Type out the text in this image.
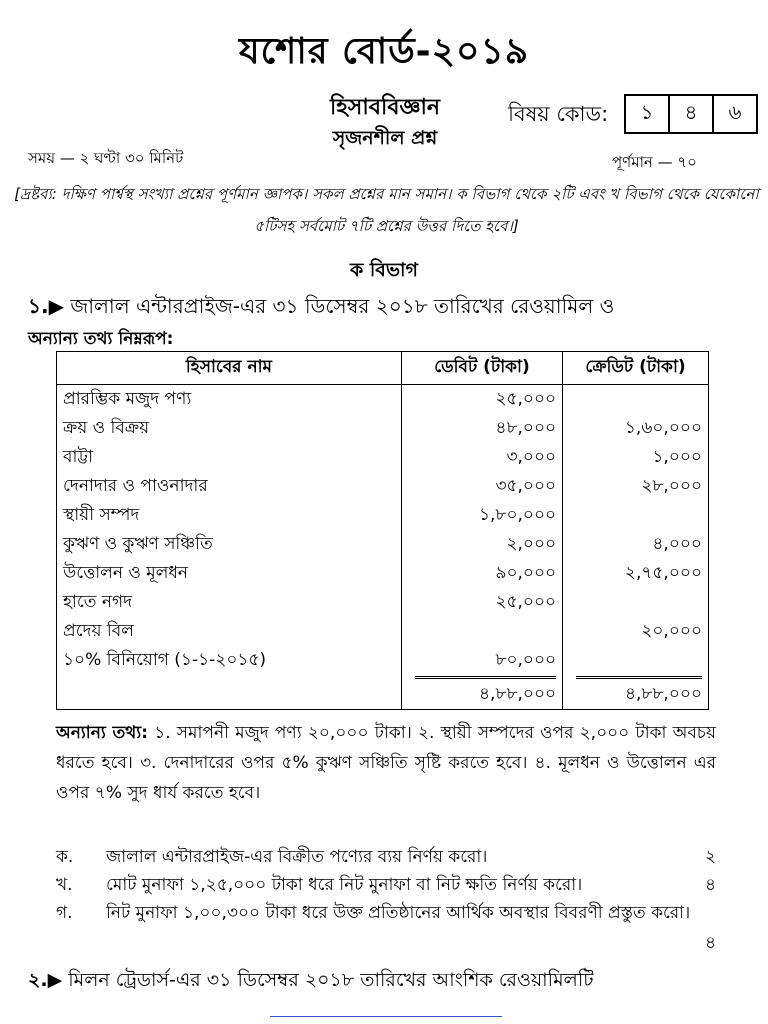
যশোর বোর্ড-২০১৯
হিসাববিজ্ঞান
সৃজনশীল প্রশ্ন
বিষয় কোড:	১	৪	৬
সময় — ২ ঘণ্টা ৩০ মিনিট	পূর্ণমান — ৭০
[দ্রষ্টব্য: দক্ষিণ পার্শ্বস্থ সংখ্যা প্রশ্নের পূর্ণমান জ্ঞাপক। সকল প্রশ্নের মান সমান। ক বিভাগ থেকে ২টি এবং খ বিভাগ থেকে যেকোনো ৫টিসহ সর্বমোট ৭টি প্রশ্নের উত্তর দিতে হবে।]
ক বিভাগ
১.▶ জালাল এন্টারপ্রাইজ-এর ৩১ ডিসেম্বর ২০১৮ তারিখের রেওয়ামিল ও
অন্যান্য তথ্য নিম্নরূপ:
হিসাবের নাম	ডেবিট (টাকা)	ক্রেডিট (টাকা)
প্রারম্ভিক মজুদ পণ্য	২৫,০০০	
ক্রয় ও বিক্রয়	৪৮,০০০	১,৬০,০০০
বাট্টা	৩,০০০	১,০০০
দেনাদার ও পাওনাদার	৩৫,০০০	২৮,০০০
স্থায়ী সম্পদ	১,৮০,০০০	
কুঋণ ও কুঋণ সঞ্চিতি	২,০০০	৪,০০০
উত্তোলন ও মূলধন	৯০,০০০	২,৭৫,০০০
হাতে নগদ	২৫,০০০	
প্রদেয় বিল		২০,০০০
১০% বিনিয়োগ (১-১-২০১৫)	৮০,০০০	
	৪,৮৮,০০০	৪,৮৮,০০০
অন্যান্য তথ্য: ১. সমাপনী মজুদ পণ্য ২০,০০০ টাকা। ২. স্থায়ী সম্পদের ওপর ২,০০০ টাকা অবচয় ধরতে হবে। ৩. দেনাদারের ওপর ৫% কুঋণ সঞ্চিতি সৃষ্টি করতে হবে। ৪. মূলধন ও উত্তোলন এর ওপর ৭% সুদ ধার্য করতে হবে।
ক. জালাল এন্টারপ্রাইজ-এর বিক্রীত পণ্যের ব্যয় নির্ণয় করো।	২
খ. মোট মুনাফা ১,২৫,০০০ টাকা ধরে নিট মুনাফা বা নিট ক্ষতি নির্ণয় করো।	৪
গ. নিট মুনাফা ১,০০,৩০০ টাকা ধরে উক্ত প্রতিষ্ঠানের আর্থিক অবস্থার বিবরণী প্রস্তুত করো।
৪
২.▶ মিলন ট্রেডার্স-এর ৩১ ডিসেম্বর ২০১৮ তারিখের আংশিক রেওয়ামিলটি
